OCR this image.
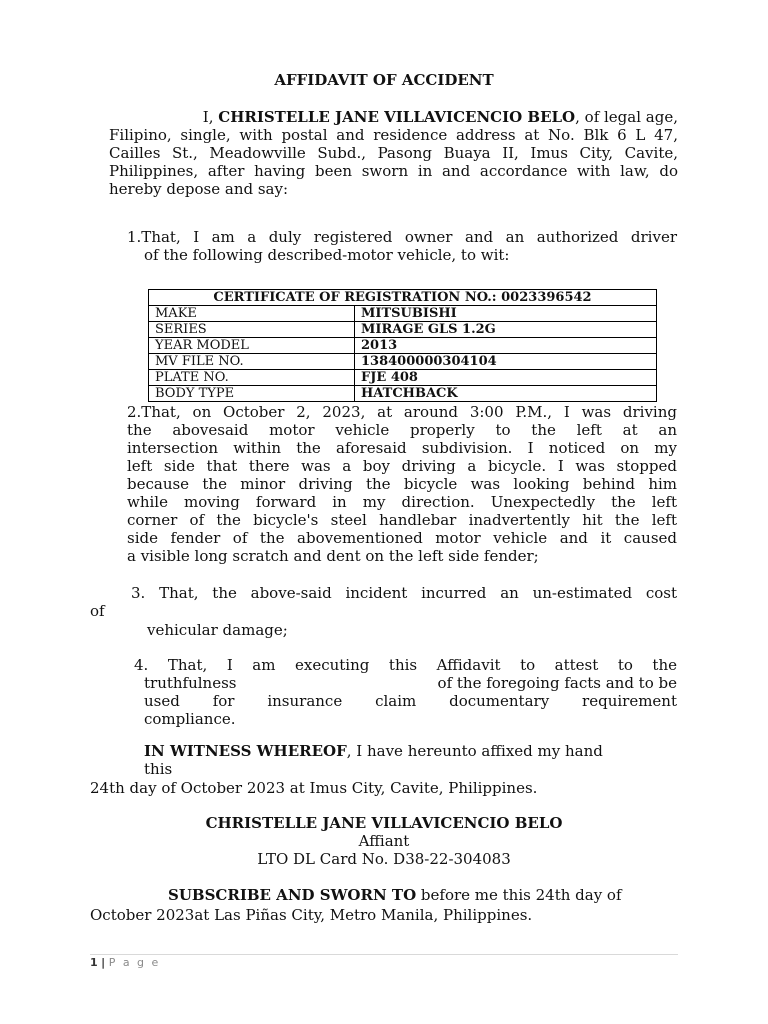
AFFIDAVIT OF ACCIDENT
I, CHRISTELLE JANE VILLAVICENCIO BELO, of legal age,
Filipino, single, with postal and residence address at No. Blk 6 L 47,
Cailles St., Meadowville Subd., Pasong Buaya II, Imus City, Cavite,
Philippines, after having been sworn in and accordance with law, do
hereby depose and say:
1.That, I am a duly registered owner and an authorized driver
of the following described-motor vehicle, to wit:
CERTIFICATE OF REGISTRATION NO.: 0023396542	
MAKE	MITSUBISHI
SERIES	MIRAGE GLS 1.2G
YEAR MODEL	2013
MV FILE NO.	138400000304104
PLATE NO.	FJE 408
BODY TYPE	HATCHBACK
2.That, on October 2, 2023, at around 3:00 P.M., I was driving
the abovesaid motor vehicle properly to the left at an
intersection within the aforesaid subdivision. I noticed on my
left side that there was a boy driving a bicycle. I was stopped
because the minor driving the bicycle was looking behind him
while moving forward in my direction. Unexpectedly the left
corner of the bicycle's steel handlebar inadvertently hit the left
side fender of the abovementioned motor vehicle and it caused
a visible long scratch and dent on the left side fender;
3. That, the above-said incident incurred an un-estimated cost
of
vehicular damage;
4. That, I am executing this Affidavit to attest to the
truthfulness	of the foregoing facts and to be
used for insurance claim documentary requirement
compliance.
IN WITNESS WHEREOF, I have hereunto affixed my hand
this
24th day of October 2023 at Imus City, Cavite, Philippines.
CHRISTELLE JANE VILLAVICENCIO BELO
Affiant
LTO DL Card No. D38-22-304083
SUBSCRIBE AND SWORN TO before me this 24th day of
October 2023at Las Piñas City, Metro Manila, Philippines.
1 | P a g e
